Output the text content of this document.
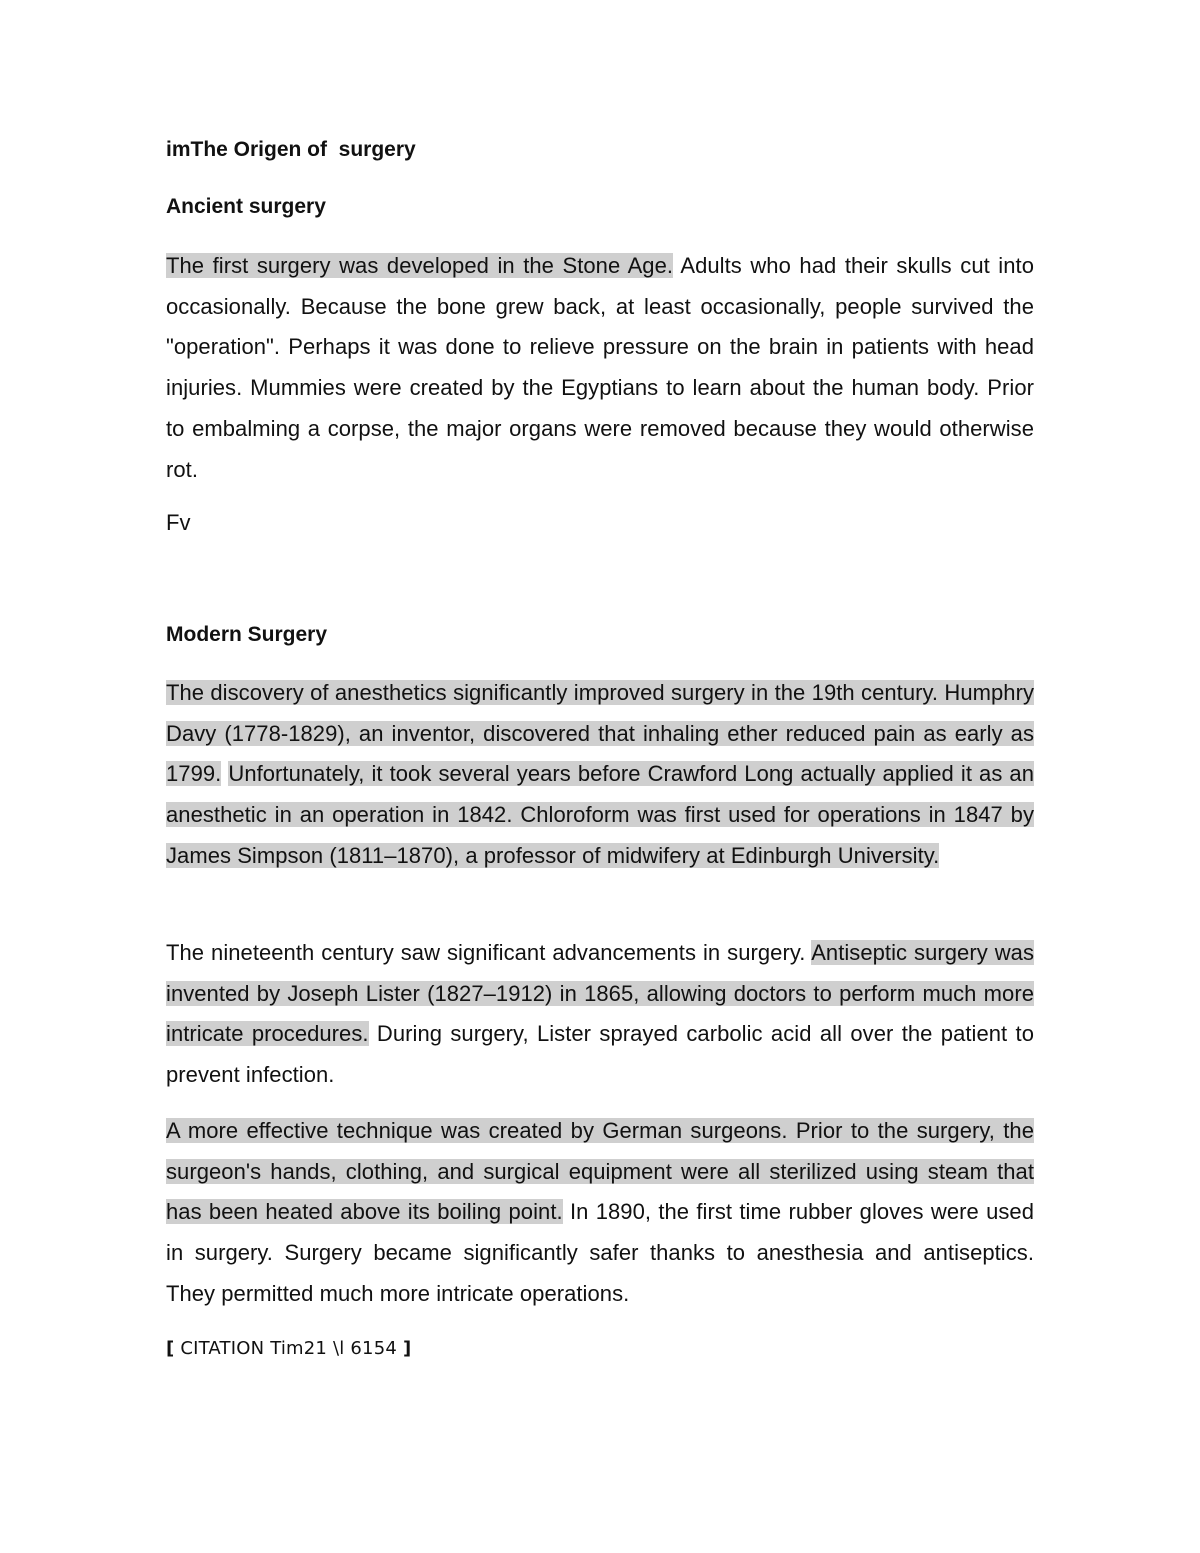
imThe Origen of  surgery
Ancient surgery

The first surgery was developed in the Stone Age. Adults who had their skulls cut into occasionally. Because the bone grew back, at least occasionally, people survived the "operation". Perhaps it was done to relieve pressure on the brain in patients with head injuries. Mummies were created by the Egyptians to learn about the human body. Prior to embalming a corpse, the major organs were removed because they would otherwise rot.

Fv

Modern Surgery

The discovery of anesthetics significantly improved surgery in the 19th century. Humphry Davy (1778-1829), an inventor, discovered that inhaling ether reduced pain as early as 1799. Unfortunately, it took several years before Crawford Long actually applied it as an anesthetic in an operation in 1842. Chloroform was first used for operations in 1847 by James Simpson (1811–1870), a professor of midwifery at Edinburgh University.

The nineteenth century saw significant advancements in surgery. Antiseptic surgery was invented by Joseph Lister (1827–1912) in 1865, allowing doctors to perform much more intricate procedures. During surgery, Lister sprayed carbolic acid all over the patient to prevent infection.

A more effective technique was created by German surgeons. Prior to the surgery, the surgeon's hands, clothing, and surgical equipment were all sterilized using steam that has been heated above its boiling point. In 1890, the first time rubber gloves were used in surgery. Surgery became significantly safer thanks to anesthesia and antiseptics. They permitted much more intricate operations.

[ CITATION Tim21 \l 6154 ]
